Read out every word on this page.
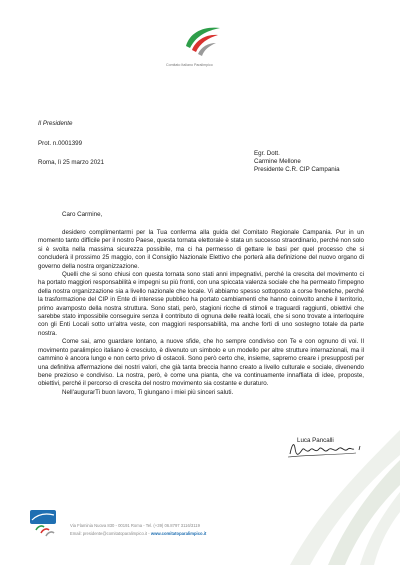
Comitato Italiano Paralimpico
Il Presidente
Prot. n.0001399
Roma, lì 25 marzo 2021
Egr. Dott.
Carmine Mellone
Presidente C.R. CIP Campania
Caro Carmine,

desidero complimentarmi per la Tua conferma alla guida del Comitato Regionale Campania. Pur in un momento tanto difficile per il nostro Paese, questa tornata elettorale è stata un successo straordinario, perché non solo si è svolta nella massima sicurezza possibile, ma ci ha permesso di gettare le basi per quel processo che si concluderà il prossimo 25 maggio, con il Consiglio Nazionale Elettivo che porterà alla definizione del nuovo organo di governo della nostra organizzazione.

Quelli che si sono chiusi con questa tornata sono stati anni impegnativi, perché la crescita del movimento ci ha portato maggiori responsabilità e impegni su più fronti, con una spiccata valenza sociale che ha permeato l'impegno della nostra organizzazione sia a livello nazionale che locale. Vi abbiamo spesso sottoposto a corse frenetiche, perché la trasformazione del CIP in Ente di interesse pubblico ha portato cambiamenti che hanno coinvolto anche il territorio, primo avamposto della nostra struttura. Sono stati, però, stagioni ricche di stimoli e traguardi raggiunti, obiettivi che sarebbe stato impossibile conseguire senza il contributo di ognuna delle realtà locali, che si sono trovate a interloquire con gli Enti Locali sotto un'altra veste, con maggiori responsabilità, ma anche forti di uno sostegno totale da parte nostra.

Come sai, amo guardare lontano, a nuove sfide, che ho sempre condiviso con Te e con ognuno di voi. Il movimento paralimpico italiano è cresciuto, è divenuto un simbolo e un modello per altre strutture internazionali, ma il cammino è ancora lungo e non certo privo di ostacoli. Sono però certo che, insieme, sapremo creare i presupposti per una definitiva affermazione dei nostri valori, che già tanta breccia hanno creato a livello culturale e sociale, divenendo bene prezioso e condiviso. La nostra, però, è come una pianta, che va continuamente innaffiata di idee, proposte, obiettivi, perché il percorso di crescita del nostro movimento sia costante e duraturo.

Nell'augurarTi buon lavoro, Ti giungano i miei più sinceri saluti.

Luca Pancalli
Via Flaminia Nuova 830 - 00191 Roma - Tel. (+39) 06.8797 3116/3119
Email: presidente@comitatoparalimpico.it - www.comitatoparalimpico.it
